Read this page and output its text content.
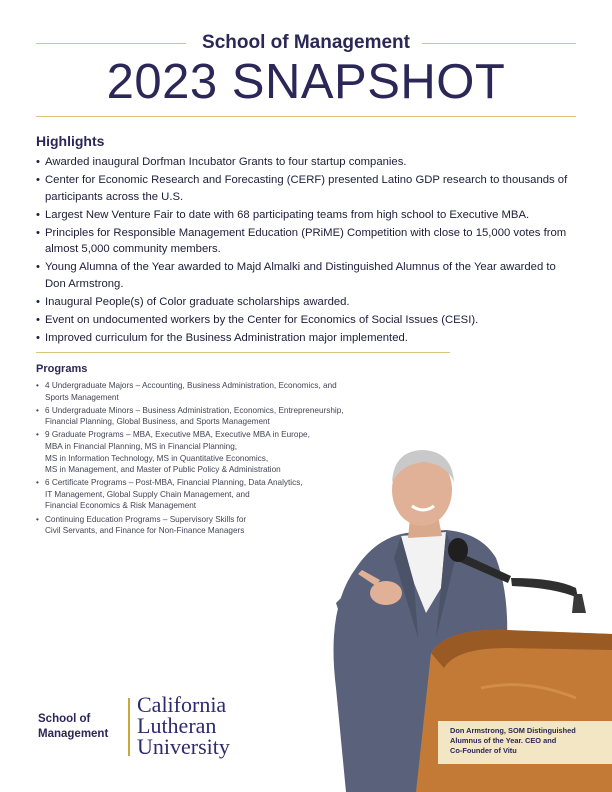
School of Management
2023 SNAPSHOT
Highlights
• Awarded inaugural Dorfman Incubator Grants to four startup companies.
• Center for Economic Research and Forecasting (CERF) presented Latino GDP research to thousands of participants across the U.S.
• Largest New Venture Fair to date with 68 participating teams from high school to Executive MBA.
• Principles for Responsible Management Education (PRiME) Competition with close to 15,000 votes from almost 5,000 community members.
• Young Alumna of the Year awarded to Majd Almalki and Distinguished Alumnus of the Year awarded to Don Armstrong.
• Inaugural People(s) of Color graduate scholarships awarded.
• Event on undocumented workers by the Center for Economics of Social Issues (CESI).
• Improved curriculum for the Business Administration major implemented.
Programs
• 4 Undergraduate Majors – Accounting, Business Administration, Economics, and
Sports Management
• 6 Undergraduate Minors – Business Administration, Economics, Entrepreneurship,
Financial Planning, Global Business, and Sports Management
• 9 Graduate Programs – MBA, Executive MBA, Executive MBA in Europe,
MBA in Financial Planning, MS in Financial Planning,
MS in Information Technology, MS in Quantitative Economics,
MS in Management, and Master of Public Policy & Administration
• 6 Certificate Programs – Post-MBA, Financial Planning, Data Analytics,
IT Management, Global Supply Chain Management, and
Financial Economics & Risk Management
• Continuing Education Programs – Supervisory Skills for
Civil Servants, and Finance for Non-Finance Managers
Don Armstrong, SOM Distinguished
Alumnus of the Year. CEO and
Co-Founder of Vitu
School of
Management
California
Lutheran
University
